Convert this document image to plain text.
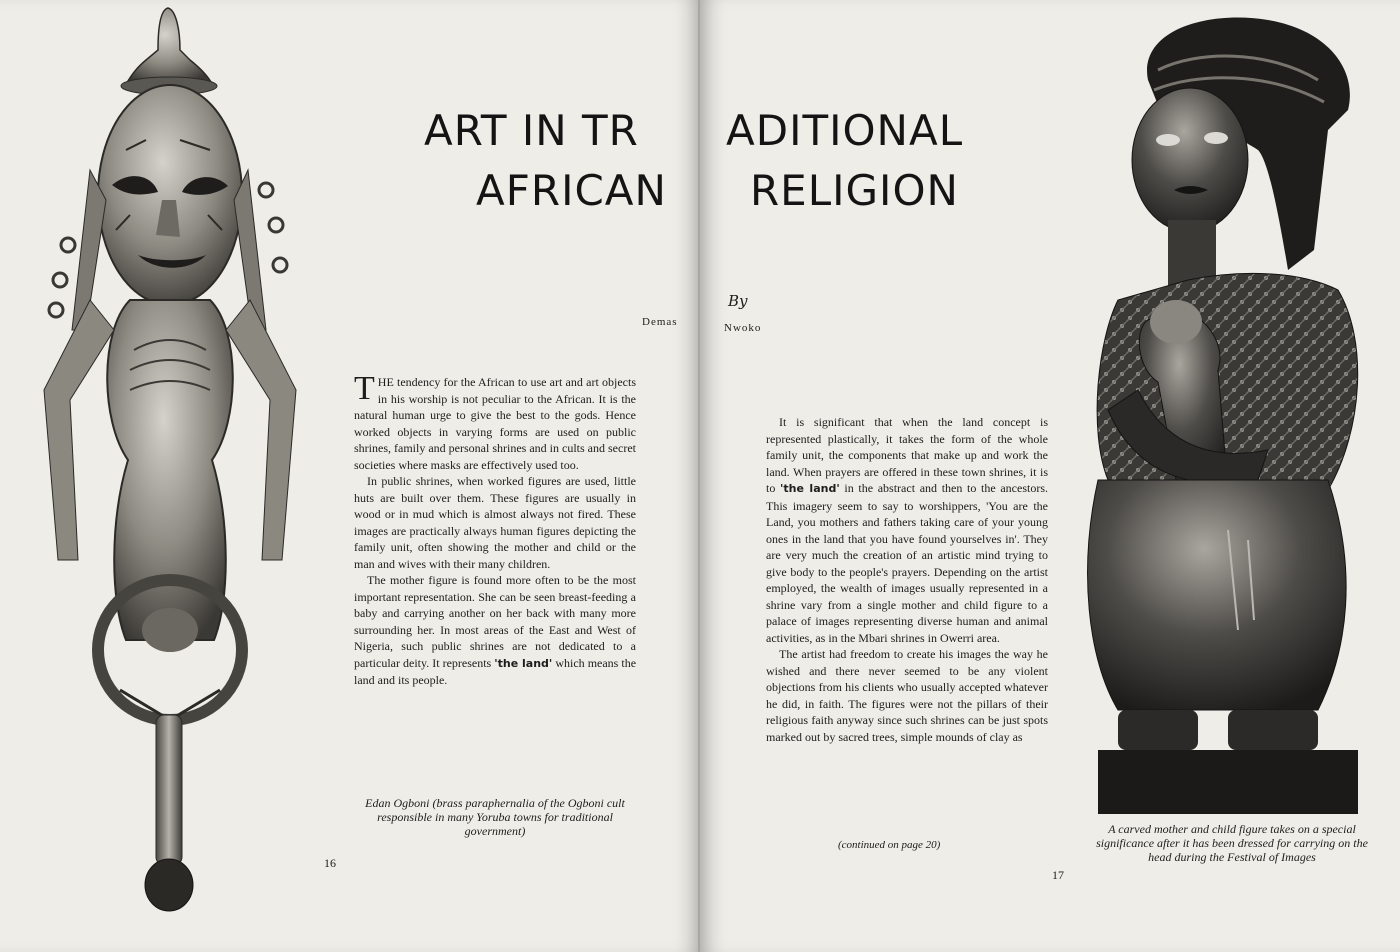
ART IN TR
AFRICAN
Demas

THE tendency for the African to use art and art objects in his worship is not peculiar to the African. It is the natural human urge to give the best to the gods. Hence worked objects in varying forms are used on public shrines, family and personal shrines and in cults and secret societies where masks are effectively used too.

In public shrines, when worked figures are used, little huts are built over them. These figures are usually in wood or in mud which is almost always not fired. These images are practically always human figures depicting the family unit, often showing the mother and child or the man and wives with their many children.

The mother figure is found more often to be the most important representation. She can be seen breast-feeding a baby and carrying another on her back with many more surrounding her. In most areas of the East and West of Nigeria, such public shrines are not dedicated to a particular deity. It represents 'the land' which means the land and its people.

Edan Ogboni (brass paraphernalia of the Ogboni cult responsible in many Yoruba towns for traditional government)
16
ADITIONAL
RELIGION
By
Nwoko

It is significant that when the land concept is represented plastically, it takes the form of the whole family unit, the components that make up and work the land. When prayers are offered in these town shrines, it is to 'the land' in the abstract and then to the ancestors. This imagery seem to say to worshippers, 'You are the Land, you mothers and fathers taking care of your young ones in the land that you have found yourselves in'. They are very much the creation of an artistic mind trying to give body to the people's prayers. Depending on the artist employed, the wealth of images usually represented in a shrine vary from a single mother and child figure to a palace of images representing diverse human and animal activities, as in the Mbari shrines in Owerri area.

The artist had freedom to create his images the way he wished and there never seemed to be any violent objections from his clients who usually accepted whatever he did, in faith. The figures were not the pillars of their religious faith anyway since such shrines can be just spots marked out by sacred trees, simple mounds of clay as

(continued on page 20)
A carved mother and child figure takes on a special significance after it has been dressed for carrying on the head during the Festival of Images
17
